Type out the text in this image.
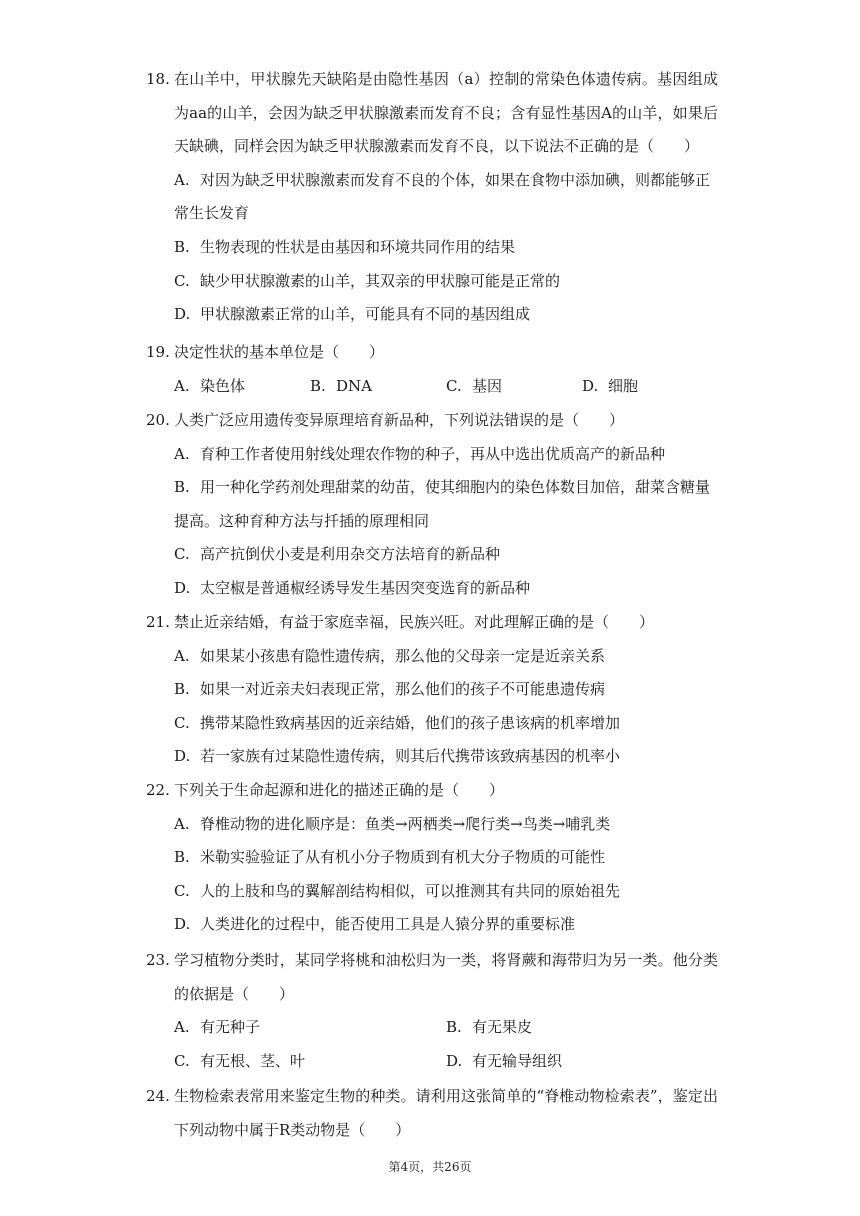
18. 在山羊中，甲状腺先天缺陷是由隐性基因（a）控制的常染色体遗传病。基因组成为aa的山羊，会因为缺乏甲状腺激素而发育不良；含有显性基因A的山羊，如果后天缺碘，同样会因为缺乏甲状腺激素而发育不良，以下说法不正确的是（　　）
A. 对因为缺乏甲状腺激素而发育不良的个体，如果在食物中添加碘，则都能够正常生长发育
B. 生物表现的性状是由基因和环境共同作用的结果
C. 缺少甲状腺激素的山羊，其双亲的甲状腺可能是正常的
D. 甲状腺激素正常的山羊，可能具有不同的基因组成
19. 决定性状的基本单位是（　　）
A. 染色体	B. DNA	C. 基因	D. 细胞
20. 人类广泛应用遗传变异原理培育新品种，下列说法错误的是（　　）
A. 育种工作者使用射线处理农作物的种子，再从中选出优质高产的新品种
B. 用一种化学药剂处理甜菜的幼苗，使其细胞内的染色体数目加倍，甜菜含糖量提高。这种育种方法与扦插的原理相同
C. 高产抗倒伏小麦是利用杂交方法培育的新品种
D. 太空椒是普通椒经诱导发生基因突变选育的新品种
21. 禁止近亲结婚，有益于家庭幸福，民族兴旺。对此理解正确的是（　　）
A. 如果某小孩患有隐性遗传病，那么他的父母亲一定是近亲关系
B. 如果一对近亲夫妇表现正常，那么他们的孩子不可能患遗传病
C. 携带某隐性致病基因的近亲结婚，他们的孩子患该病的机率增加
D. 若一家族有过某隐性遗传病，则其后代携带该致病基因的机率小
22. 下列关于生命起源和进化的描述正确的是（　　）
A. 脊椎动物的进化顺序是：鱼类→两栖类→爬行类→鸟类→哺乳类
B. 米勒实验验证了从有机小分子物质到有机大分子物质的可能性
C. 人的上肢和鸟的翼解剖结构相似，可以推测其有共同的原始祖先
D. 人类进化的过程中，能否使用工具是人猿分界的重要标准
23. 学习植物分类时，某同学将桃和油松归为一类，将肾蕨和海带归为另一类。他分类的依据是（　　）
A. 有无种子	B. 有无果皮
C. 有无根、茎、叶	D. 有无输导组织
24. 生物检索表常用来鉴定生物的种类。请利用这张简单的“脊椎动物检索表”，鉴定出下列动物中属于R类动物是（　　）
第4页，共26页
